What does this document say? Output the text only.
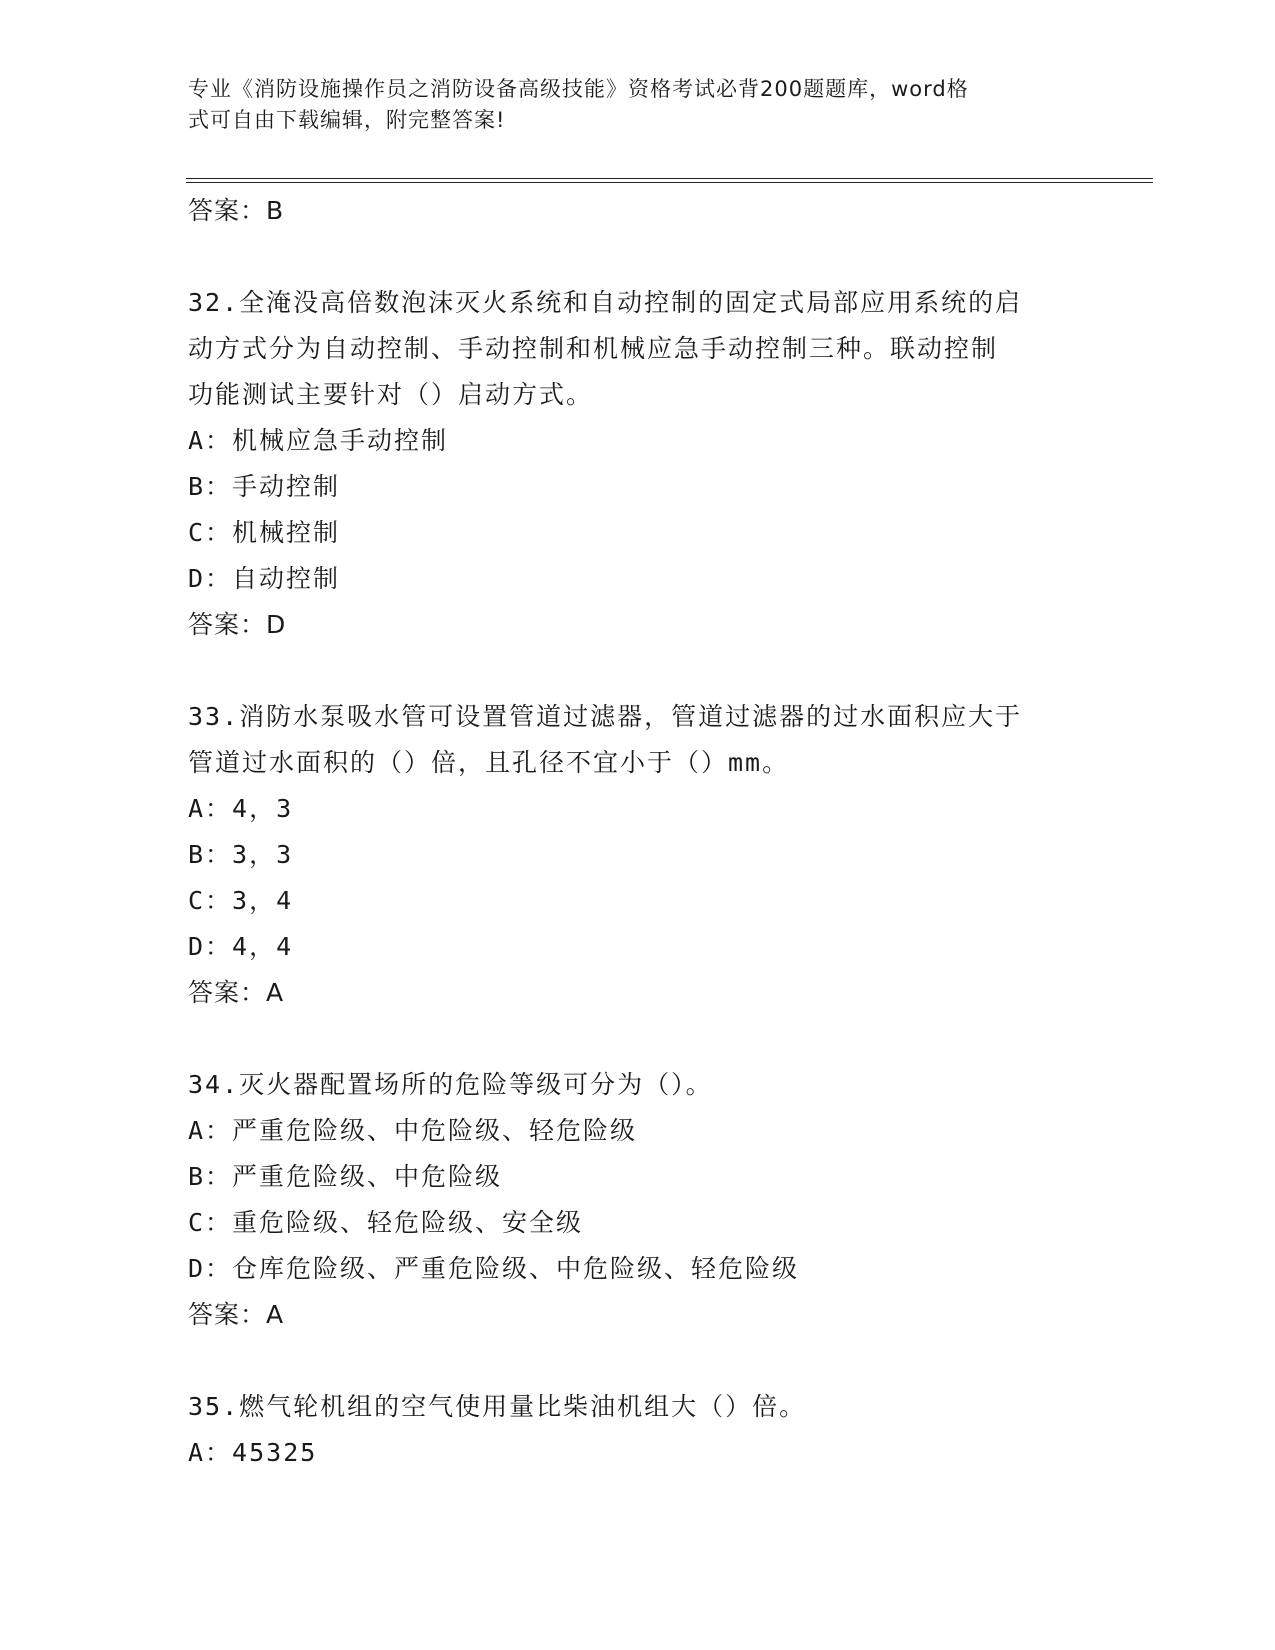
专业《消防设施操作员之消防设备高级技能》资格考试必背200题题库，word格
式可自由下载编辑，附完整答案!
答案：B
32.全淹没高倍数泡沫灭火系统和自动控制的固定式局部应用系统的启
动方式分为自动控制、手动控制和机械应急手动控制三种。联动控制
功能测试主要针对（）启动方式。
A：机械应急手动控制
B：手动控制
C：机械控制
D：自动控制
答案：D
33.消防水泵吸水管可设置管道过滤器，管道过滤器的过水面积应大于
管道过水面积的（）倍，且孔径不宜小于（）mm。
A：4，3
B：3，3
C：3，4
D：4，4
答案：A
34.灭火器配置场所的危险等级可分为（）。
A：严重危险级、中危险级、轻危险级
B：严重危险级、中危险级
C：重危险级、轻危险级、安全级
D：仓库危险级、严重危险级、中危险级、轻危险级
答案：A
35.燃气轮机组的空气使用量比柴油机组大（）倍。
A：45325
